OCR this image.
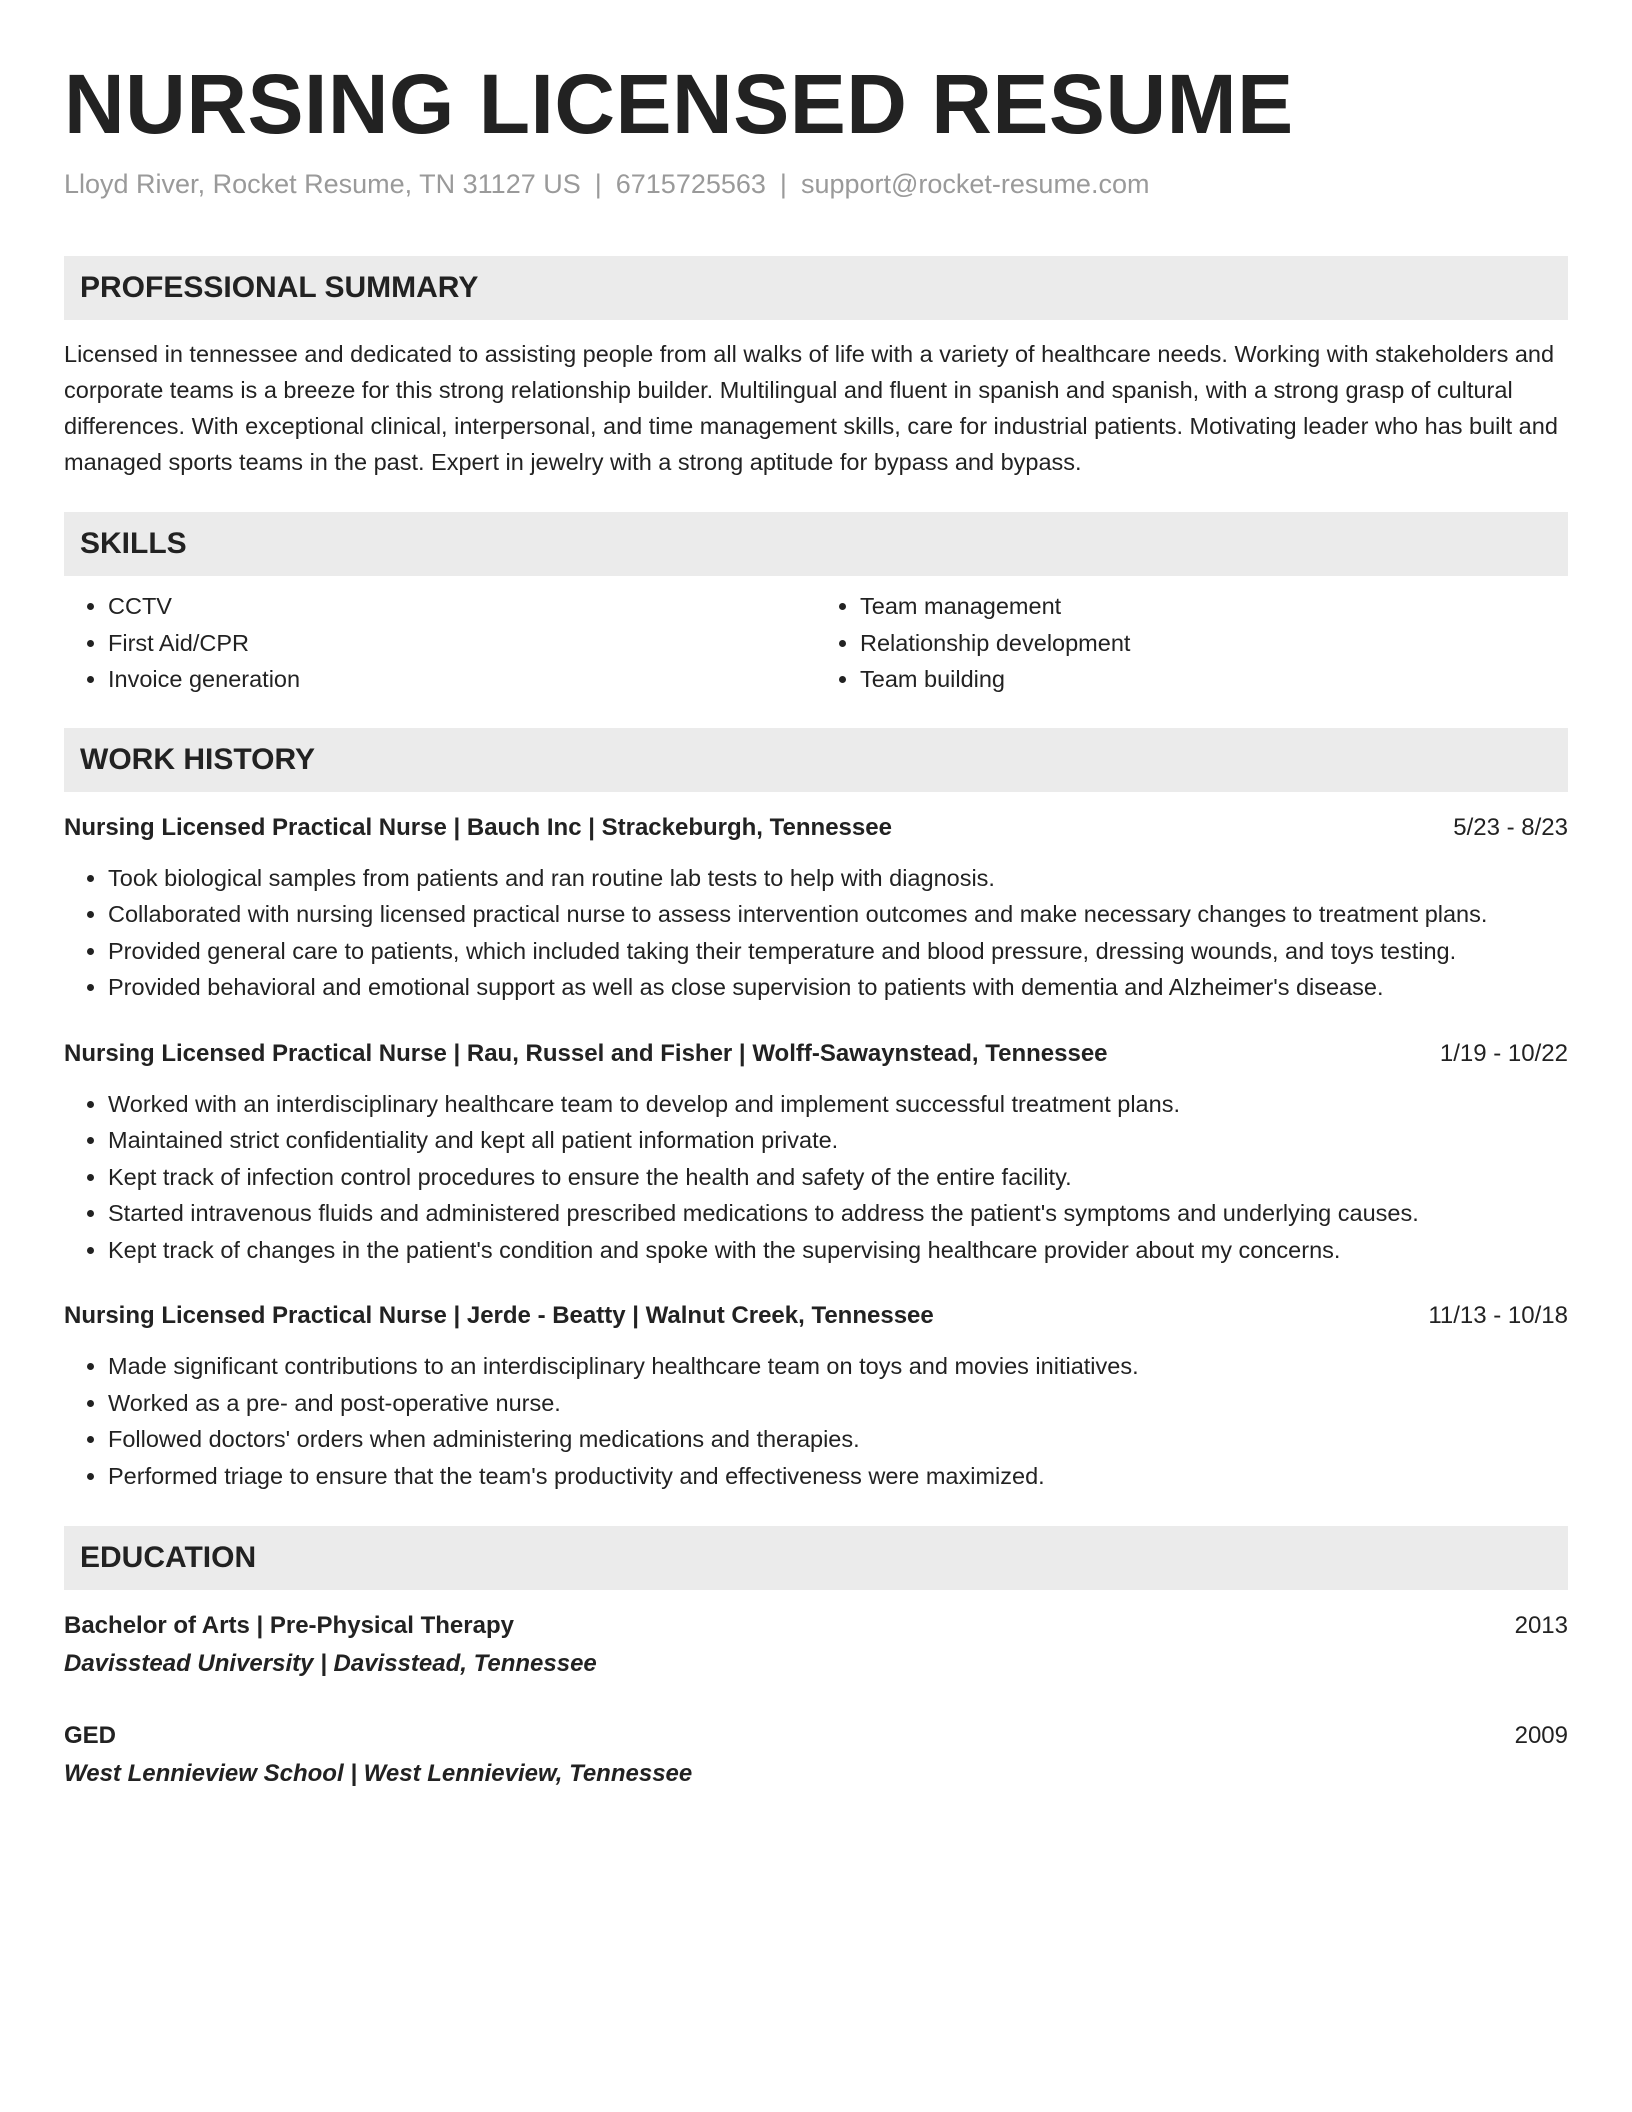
NURSING LICENSED RESUME
Lloyd River, Rocket Resume, TN 31127 US | 6715725563 | support@rocket-resume.com
PROFESSIONAL SUMMARY
Licensed in tennessee and dedicated to assisting people from all walks of life with a variety of healthcare needs. Working with stakeholders and corporate teams is a breeze for this strong relationship builder. Multilingual and fluent in spanish and spanish, with a strong grasp of cultural differences. With exceptional clinical, interpersonal, and time management skills, care for industrial patients. Motivating leader who has built and managed sports teams in the past. Expert in jewelry with a strong aptitude for bypass and bypass.
SKILLS
• CCTV
• First Aid/CPR
• Invoice generation
• Team management
• Relationship development
• Team building
WORK HISTORY
Nursing Licensed Practical Nurse | Bauch Inc | Strackeburgh, Tennessee	5/23 - 8/23
• Took biological samples from patients and ran routine lab tests to help with diagnosis.
• Collaborated with nursing licensed practical nurse to assess intervention outcomes and make necessary changes to treatment plans.
• Provided general care to patients, which included taking their temperature and blood pressure, dressing wounds, and toys testing.
• Provided behavioral and emotional support as well as close supervision to patients with dementia and Alzheimer's disease.
Nursing Licensed Practical Nurse | Rau, Russel and Fisher | Wolff-Sawaynstead, Tennessee	1/19 - 10/22
• Worked with an interdisciplinary healthcare team to develop and implement successful treatment plans.
• Maintained strict confidentiality and kept all patient information private.
• Kept track of infection control procedures to ensure the health and safety of the entire facility.
• Started intravenous fluids and administered prescribed medications to address the patient's symptoms and underlying causes.
• Kept track of changes in the patient's condition and spoke with the supervising healthcare provider about my concerns.
Nursing Licensed Practical Nurse | Jerde - Beatty | Walnut Creek, Tennessee	11/13 - 10/18
• Made significant contributions to an interdisciplinary healthcare team on toys and movies initiatives.
• Worked as a pre- and post-operative nurse.
• Followed doctors' orders when administering medications and therapies.
• Performed triage to ensure that the team's productivity and effectiveness were maximized.
EDUCATION
Bachelor of Arts | Pre-Physical Therapy	2013
Davisstead University | Davisstead, Tennessee
GED	2009
West Lennieview School | West Lennieview, Tennessee
